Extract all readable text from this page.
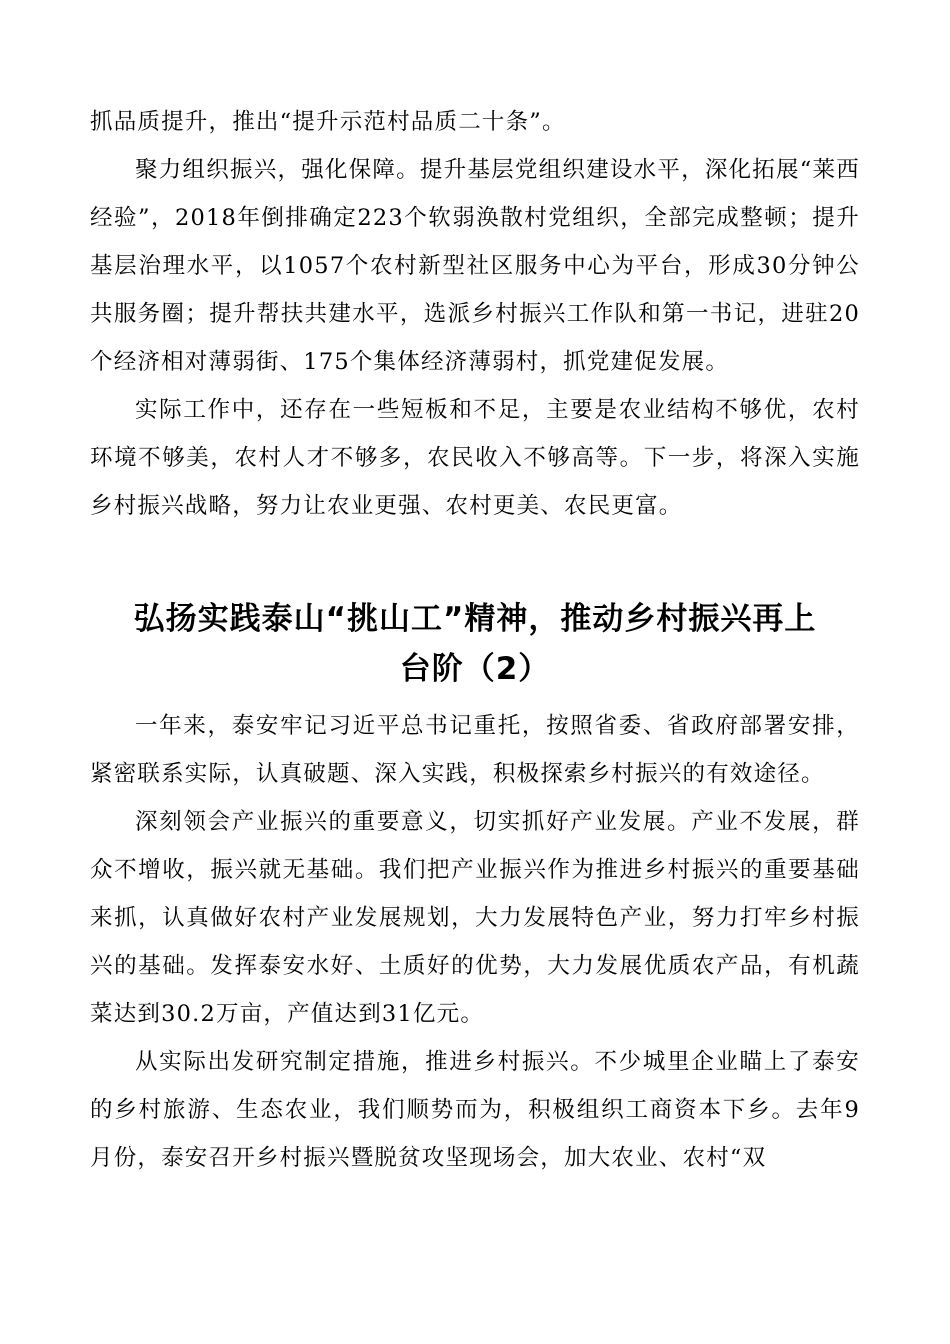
抓品质提升，推出“提升示范村品质二十条”。

聚力组织振兴，强化保障。提升基层党组织建设水平，深化拓展“莱西经验”，2018年倒排确定223个软弱涣散村党组织，全部完成整顿；提升基层治理水平，以1057个农村新型社区服务中心为平台，形成30分钟公共服务圈；提升帮扶共建水平，选派乡村振兴工作队和第一书记，进驻20个经济相对薄弱街、175个集体经济薄弱村，抓党建促发展。

实际工作中，还存在一些短板和不足，主要是农业结构不够优，农村环境不够美，农村人才不够多，农民收入不够高等。下一步，将深入实施乡村振兴战略，努力让农业更强、农村更美、农民更富。

弘扬实践泰山“挑山工”精神，推动乡村振兴再上

台阶（2）

一年来，泰安牢记习近平总书记重托，按照省委、省政府部署安排，紧密联系实际，认真破题、深入实践，积极探索乡村振兴的有效途径。

深刻领会产业振兴的重要意义，切实抓好产业发展。产业不发展，群众不增收，振兴就无基础。我们把产业振兴作为推进乡村振兴的重要基础来抓，认真做好农村产业发展规划，大力发展特色产业，努力打牢乡村振兴的基础。发挥泰安水好、土质好的优势，大力发展优质农产品，有机蔬菜达到30.2万亩，产值达到31亿元。

从实际出发研究制定措施，推进乡村振兴。不少城里企业瞄上了泰安的乡村旅游、生态农业，我们顺势而为，积极组织工商资本下乡。去年9月份，泰安召开乡村振兴暨脱贫攻坚现场会，加大农业、农村“双
